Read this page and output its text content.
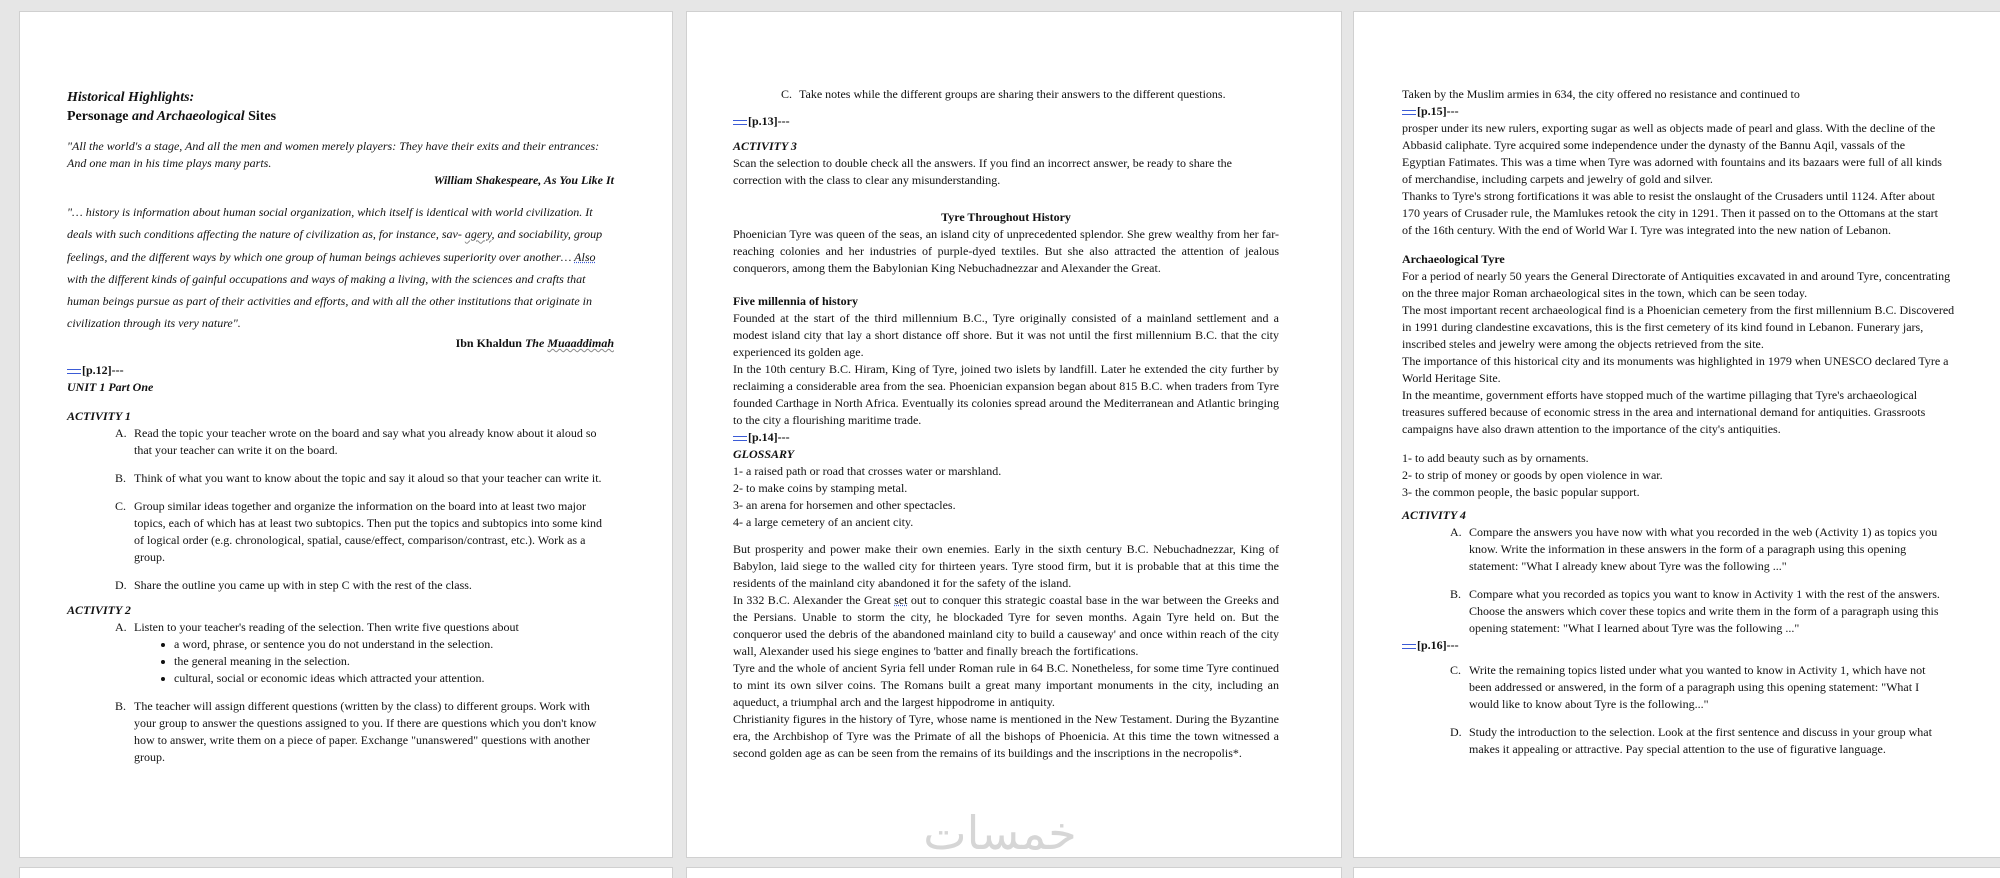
Historical Highlights:
Personage and Archaeological Sites
"All the world's a stage, And all the men and women merely players: They have their exits and their entrances: And one man in his time plays many parts.
William Shakespeare, As You Like It
"… history is information about human social organization, which itself is identical with world civilization. It deals with such conditions affecting the nature of civilization as, for instance, sav- agery, and sociability, group feelings, and the different ways by which one group of human beings achieves superiority over another… Also with the different kinds of gainful occupations and ways of making a living, with the sciences and crafts that human beings pursue as part of their activities and efforts, and with all the other institutions that originate in civilization through its very nature".
Ibn Khaldun The Muaaddimah
[p.12]---
UNIT 1 Part One
ACTIVITY 1
A. Read the topic your teacher wrote on the board and say what you already know about it aloud so that your teacher can write it on the board.
B. Think of what you want to know about the topic and say it aloud so that your teacher can write it.
C. Group similar ideas together and organize the information on the board into at least two major topics, each of which has at least two subtopics. Then put the topics and subtopics into some kind of logical order (e.g. chronological, spatial, cause/effect, comparison/contrast, etc.). Work as a group.
D. Share the outline you came up with in step C with the rest of the class.
ACTIVITY 2
A. Listen to your teacher's reading of the selection. Then write five questions about
a word, phrase, or sentence you do not understand in the selection.
the general meaning in the selection.
cultural, social or economic ideas which attracted your attention.
B. The teacher will assign different questions (written by the class) to different groups. Work with your group to answer the questions assigned to you. If there are questions which you don't know how to answer, write them on a piece of paper. Exchange "unanswered" questions with another group.
C. Take notes while the different groups are sharing their answers to the different questions.
[p.13]---
ACTIVITY 3
Scan the selection to double check all the answers. If you find an incorrect answer, be ready to share the correction with the class to clear any misunderstanding.
Tyre Throughout History
Phoenician Tyre was queen of the seas, an island city of unprecedented splendor. She grew wealthy from her far-reaching colonies and her industries of purple-dyed textiles. But she also attracted the attention of jealous conquerors, among them the Babylonian King Nebuchadnezzar and Alexander the Great.
Five millennia of history
Founded at the start of the third millennium B.C., Tyre originally consisted of a mainland settlement and a modest island city that lay a short distance off shore. But it was not until the first millennium B.C. that the city experienced its golden age.
In the 10th century B.C. Hiram, King of Tyre, joined two islets by landfill. Later he extended the city further by reclaiming a considerable area from the sea. Phoenician expansion began about 815 B.C. when traders from Tyre founded Carthage in North Africa. Eventually its colonies spread around the Mediterranean and Atlantic bringing to the city a flourishing maritime trade.
[p.14]---
GLOSSARY
1- a raised path or road that crosses water or marshland.
2- to make coins by stamping metal.
3- an arena for horsemen and other spectacles.
4- a large cemetery of an ancient city.
But prosperity and power make their own enemies. Early in the sixth century B.C. Nebuchadnezzar, King of Babylon, laid siege to the walled city for thirteen years. Tyre stood firm, but it is probable that at this time the residents of the mainland city abandoned it for the safety of the island.
In 332 B.C. Alexander the Great set out to conquer this strategic coastal base in the war between the Greeks and the Persians. Unable to storm the city, he blockaded Tyre for seven months. Again Tyre held on. But the conqueror used the debris of the abandoned mainland city to build a causeway' and once within reach of the city wall, Alexander used his siege engines to 'batter and finally breach the fortifications.
Tyre and the whole of ancient Syria fell under Roman rule in 64 B.C. Nonetheless, for some time Tyre continued to mint its own silver coins. The Romans built a great many important monuments in the city, including an aqueduct, a triumphal arch and the largest hippodrome in antiquity.
Christianity figures in the history of Tyre, whose name is mentioned in the New Testament. During the Byzantine era, the Archbishop of Tyre was the Primate of all the bishops of Phoenicia. At this time the town witnessed a second golden age as can be seen from the remains of its buildings and the inscriptions in the necropolis*.
Taken by the Muslim armies in 634, the city offered no resistance and continued to
[p.15]---
prosper under its new rulers, exporting sugar as well as objects made of pearl and glass. With the decline of the Abbasid caliphate. Tyre acquired some independence under the dynasty of the Bannu Aqil, vassals of the Egyptian Fatimates. This was a time when Tyre was adorned with fountains and its bazaars were full of all kinds of merchandise, including carpets and jewelry of gold and silver.
Thanks to Tyre's strong fortifications it was able to resist the onslaught of the Crusaders until 1124. After about 170 years of Crusader rule, the Mamlukes retook the city in 1291. Then it passed on to the Ottomans at the start of the 16th century. With the end of World War I. Tyre was integrated into the new nation of Lebanon.
Archaeological Tyre
For a period of nearly 50 years the General Directorate of Antiquities excavated in and around Tyre, concentrating on the three major Roman archaeological sites in the town, which can be seen today.
The most important recent archaeological find is a Phoenician cemetery from the first millennium B.C. Discovered in 1991 during clandestine excavations, this is the first cemetery of its kind found in Lebanon. Funerary jars, inscribed steles and jewelry were among the objects retrieved from the site.
The importance of this historical city and its monuments was highlighted in 1979 when UNESCO declared Tyre a World Heritage Site.
In the meantime, government efforts have stopped much of the wartime pillaging that Tyre's archaeological treasures suffered because of economic stress in the area and international demand for antiquities. Grassroots campaigns have also drawn attention to the importance of the city's antiquities.
1- to add beauty such as by ornaments.
2- to strip of money or goods by open violence in war.
3- the common people, the basic popular support.
ACTIVITY 4
A. Compare the answers you have now with what you recorded in the web (Activity 1) as topics you know. Write the information in these answers in the form of a paragraph using this opening statement: "What I already knew about Tyre was the following ..."
B. Compare what you recorded as topics you want to know in Activity 1 with the rest of the answers. Choose the answers which cover these topics and write them in the form of a paragraph using this opening statement: "What I learned about Tyre was the following ..."
[p.16]---
C. Write the remaining topics listed under what you wanted to know in Activity 1, which have not been addressed or answered, in the form of a paragraph using this opening statement: "What I would like to know about Tyre is the following..."
D. Study the introduction to the selection. Look at the first sentence and discuss in your group what makes it appealing or attractive. Pay special attention to the use of figurative language.
خمسات
